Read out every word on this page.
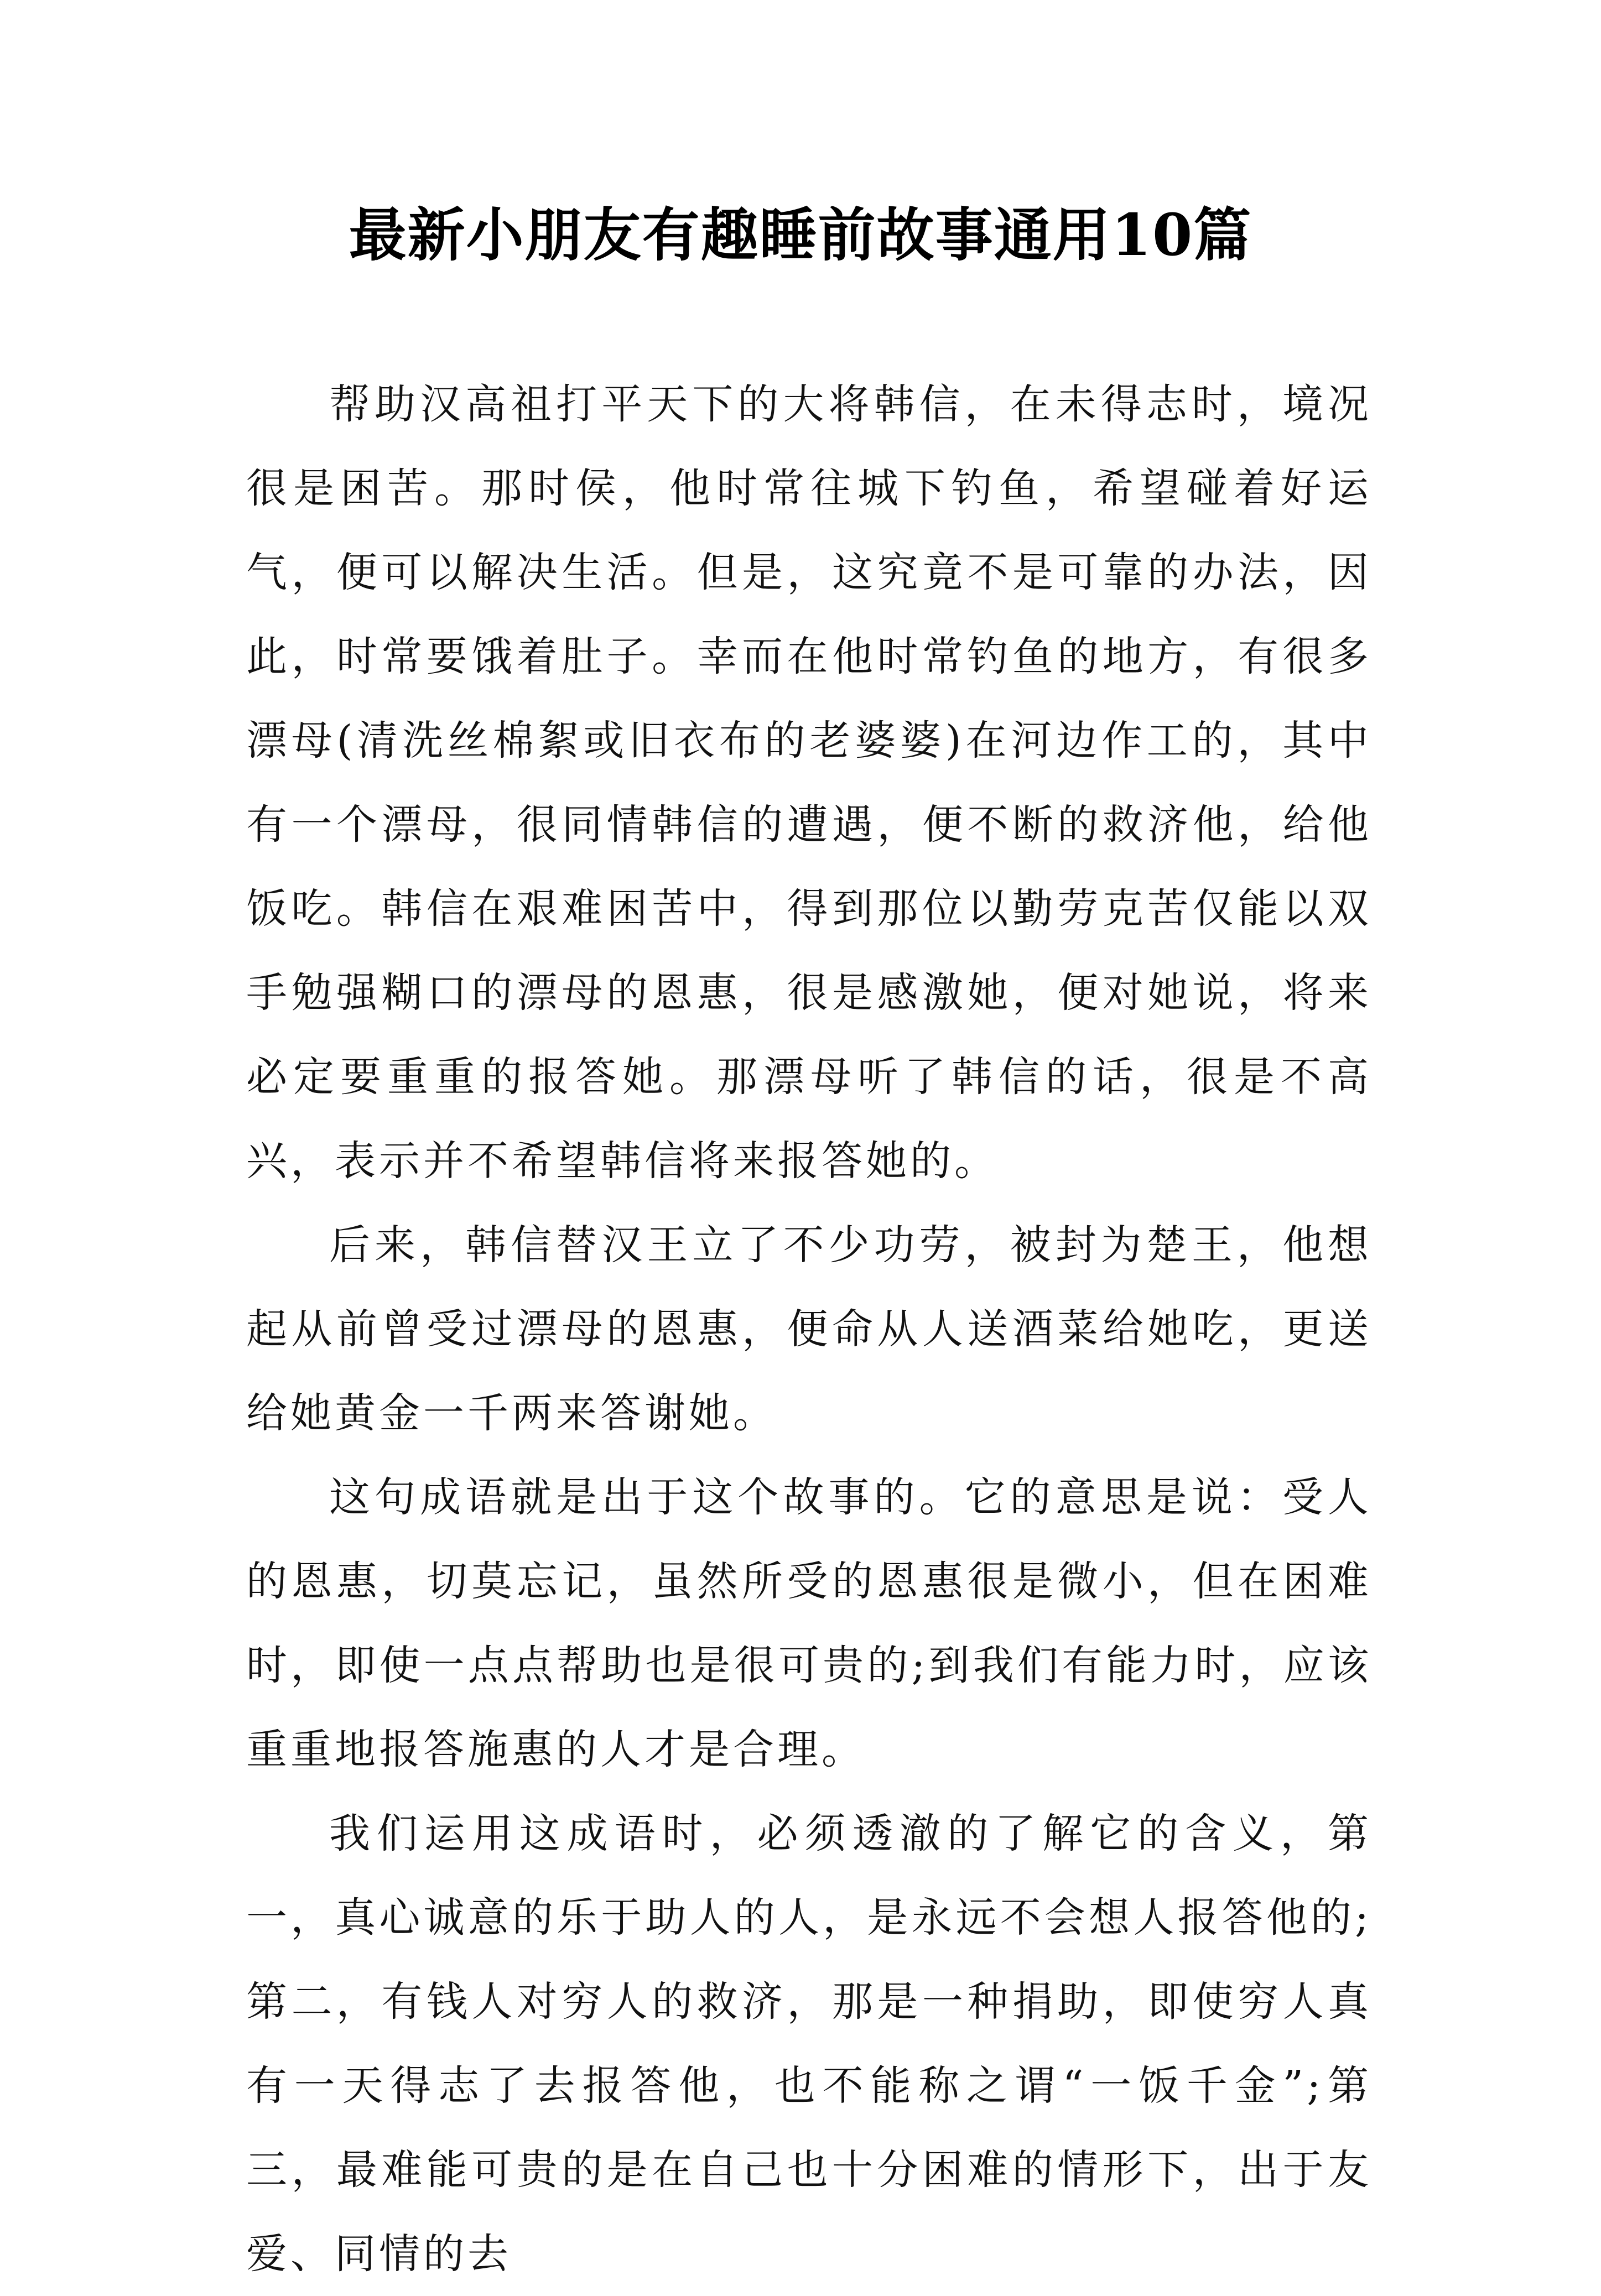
最新小朋友有趣睡前故事通用10篇

帮助汉高祖打平天下的大将韩信，在未得志时，境况很是困苦。那时侯，他时常往城下钓鱼，希望碰着好运气，便可以解决生活。但是，这究竟不是可靠的办法，因此，时常要饿着肚子。幸而在他时常钓鱼的地方，有很多漂母(清洗丝棉絮或旧衣布的老婆婆)在河边作工的，其中有一个漂母，很同情韩信的遭遇，便不断的救济他，给他饭吃。韩信在艰难困苦中，得到那位以勤劳克苦仅能以双手勉强糊口的漂母的恩惠，很是感激她，便对她说，将来必定要重重的报答她。那漂母听了韩信的话，很是不高兴，表示并不希望韩信将来报答她的。

后来，韩信替汉王立了不少功劳，被封为楚王，他想起从前曾受过漂母的恩惠，便命从人送酒菜给她吃，更送给她黄金一千两来答谢她。

这句成语就是出于这个故事的。它的意思是说：受人的恩惠，切莫忘记，虽然所受的恩惠很是微小，但在困难时，即使一点点帮助也是很可贵的;到我们有能力时，应该重重地报答施惠的人才是合理。

我们运用这成语时，必须透澈的了解它的含义，第一，真心诚意的乐于助人的人，是永远不会想人报答他的;第二，有钱人对穷人的救济，那是一种捐助，即使穷人真有一天得志了去报答他，也不能称之谓“一饭千金”;第三，最难能可贵的是在自己也十分困难的情形下，出于友爱、同情的去
